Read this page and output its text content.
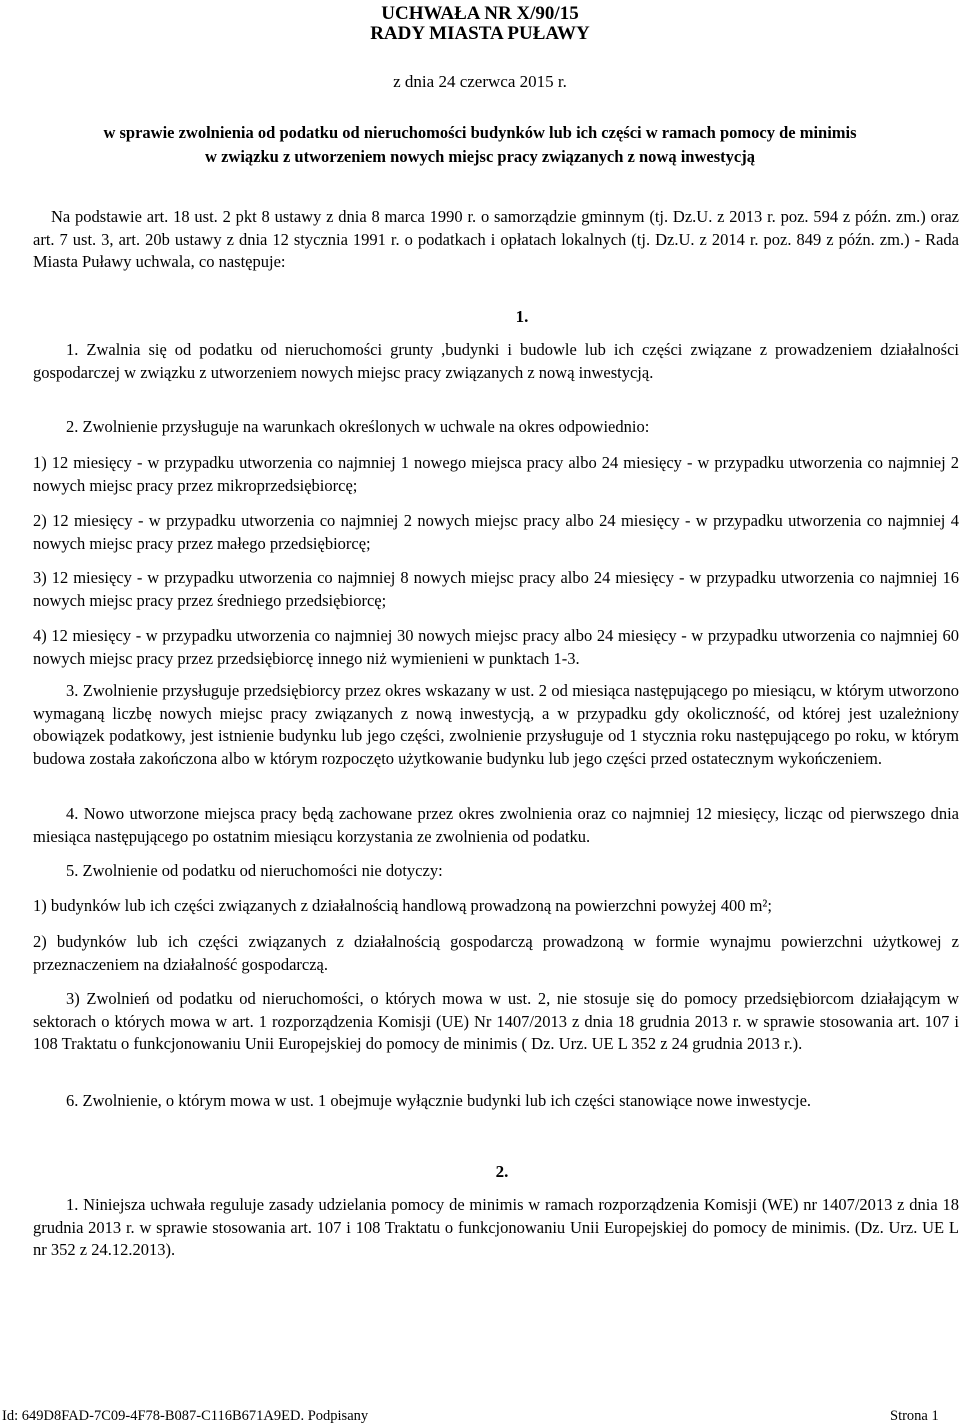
UCHWAŁA NR X/90/15
RADY MIASTA PUŁAWY
z dnia 24 czerwca 2015 r.
w sprawie zwolnienia od podatku od nieruchomości budynków lub ich części w ramach pomocy de minimis
w związku z utworzeniem nowych miejsc pracy związanych z nową inwestycją
Na podstawie art. 18 ust. 2 pkt 8 ustawy z dnia 8 marca 1990 r. o samorządzie gminnym (tj. Dz.U. z 2013 r. poz. 594 z późn. zm.) oraz art. 7 ust. 3, art. 20b ustawy z dnia 12 stycznia 1991 r. o podatkach i opłatach lokalnych (tj. Dz.U. z 2014 r. poz. 849 z późn. zm.) - Rada Miasta Puławy uchwala, co następuje:
1.
1. Zwalnia się od podatku od nieruchomości grunty ,budynki i budowle lub ich części związane z prowadzeniem działalności gospodarczej w związku z utworzeniem nowych miejsc pracy związanych z nową inwestycją.
2. Zwolnienie przysługuje na warunkach określonych w uchwale na okres odpowiednio:
1) 12 miesięcy - w przypadku utworzenia co najmniej 1 nowego miejsca pracy albo 24 miesięcy - w przypadku utworzenia co najmniej 2 nowych miejsc pracy przez mikroprzedsiębiorcę;
2) 12 miesięcy - w przypadku utworzenia co najmniej 2 nowych miejsc pracy albo 24 miesięcy - w przypadku utworzenia co najmniej 4 nowych miejsc pracy przez małego przedsiębiorcę;
3) 12 miesięcy - w przypadku utworzenia co najmniej 8 nowych miejsc pracy albo 24 miesięcy - w przypadku utworzenia co najmniej 16 nowych miejsc pracy przez średniego przedsiębiorcę;
4) 12 miesięcy - w przypadku utworzenia co najmniej 30 nowych miejsc pracy albo 24 miesięcy - w przypadku utworzenia co najmniej 60 nowych miejsc pracy przez przedsiębiorcę innego niż wymienieni w punktach 1-3.
3. Zwolnienie przysługuje przedsiębiorcy przez okres wskazany w ust. 2 od miesiąca następującego po miesiącu, w którym utworzono wymaganą liczbę nowych miejsc pracy związanych z nową inwestycją, a w przypadku gdy okoliczność, od której jest uzależniony obowiązek podatkowy, jest istnienie budynku lub jego części, zwolnienie przysługuje od 1 stycznia roku następującego po roku, w którym budowa została zakończona albo w którym rozpoczęto użytkowanie budynku lub jego części przed ostatecznym wykończeniem.
4. Nowo utworzone miejsca pracy będą zachowane przez okres zwolnienia oraz co najmniej 12 miesięcy, licząc od pierwszego dnia miesiąca następującego po ostatnim miesiącu korzystania ze zwolnienia od podatku.
5. Zwolnienie od podatku od nieruchomości nie dotyczy:
1) budynków lub ich części związanych z działalnością handlową prowadzoną na powierzchni powyżej 400 m²;
2) budynków lub ich części związanych z działalnością gospodarczą prowadzoną w formie wynajmu powierzchni użytkowej z przeznaczeniem na działalność gospodarczą.
3) Zwolnień od podatku od nieruchomości, o których mowa w ust. 2, nie stosuje się do pomocy przedsiębiorcom działającym w sektorach o których mowa w art. 1 rozporządzenia Komisji (UE) Nr 1407/2013 z dnia 18 grudnia 2013 r. w sprawie stosowania art. 107 i 108 Traktatu o funkcjonowaniu Unii Europejskiej do pomocy de minimis ( Dz. Urz. UE L 352 z 24 grudnia 2013 r.).
6. Zwolnienie, o którym mowa w ust. 1 obejmuje wyłącznie budynki lub ich części stanowiące nowe inwestycje.
2.
1. Niniejsza uchwała reguluje zasady udzielania pomocy de minimis w ramach rozporządzenia Komisji (WE) nr 1407/2013 z dnia 18 grudnia 2013 r. w sprawie stosowania art. 107 i 108 Traktatu o funkcjonowaniu Unii Europejskiej do pomocy de minimis. (Dz. Urz. UE L nr 352 z 24.12.2013).
Id: 649D8FAD-7C09-4F78-B087-C116B671A9ED. Podpisany	Strona 1
